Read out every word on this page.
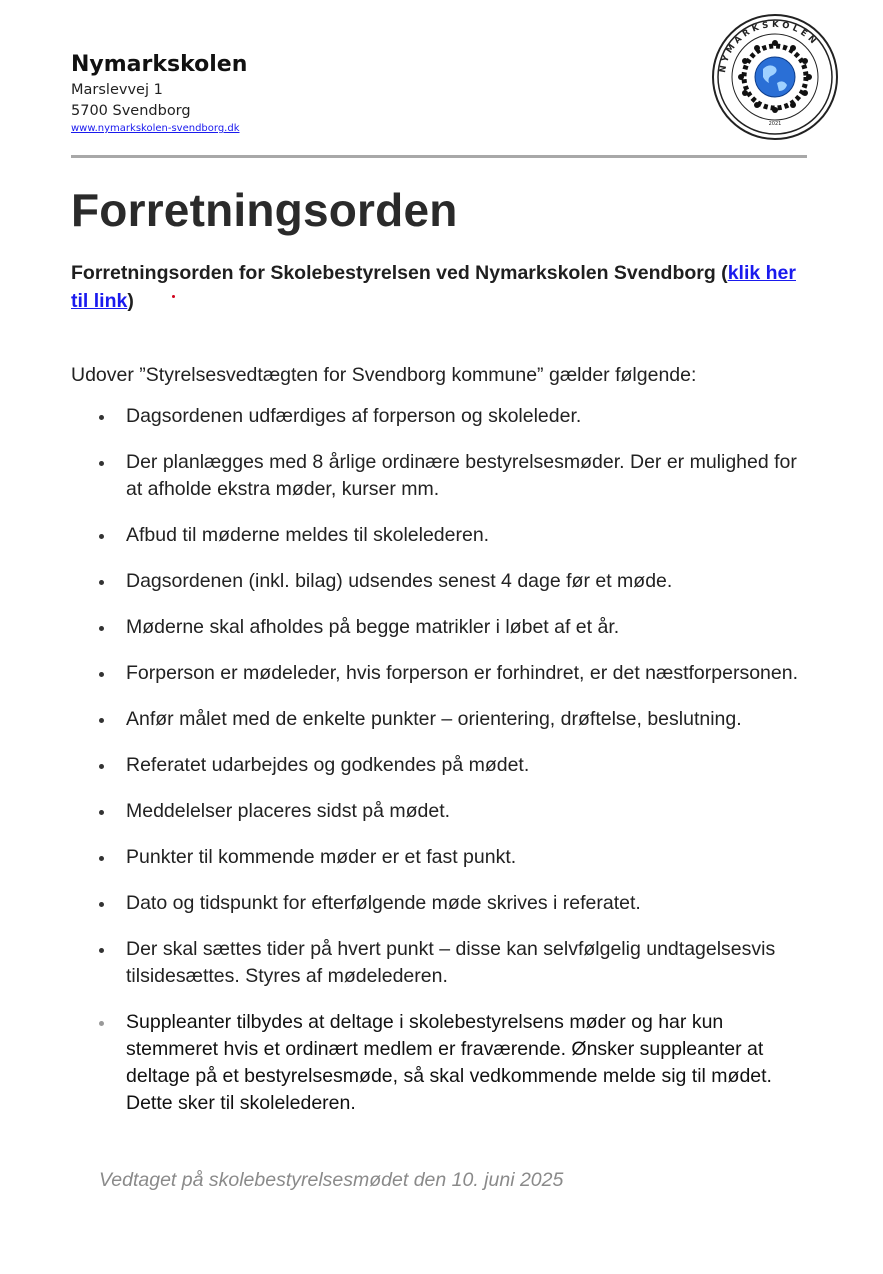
Nymarkskolen

Marslevvej 1

5700 Svendborg

www.nymarkskolen-svendborg.dk
NYMARKSKOLEN
2021
Forretningsorden

Forretningsorden for Skolebestyrelsen ved Nymarkskolen Svendborg (klik her til link)

Udover ”Styrelsesvedtægten for Svendborg kommune” gælder følgende:

Dagsordenen udfærdiges af forperson og skoleleder.
Der planlægges med 8 årlige ordinære bestyrelsesmøder. Der er mulighed for at afholde ekstra møder, kurser mm.
Afbud til møderne meldes til skolelederen.
Dagsordenen (inkl. bilag) udsendes senest 4 dage før et møde.
Møderne skal afholdes på begge matrikler i løbet af et år.
Forperson er mødeleder, hvis forperson er forhindret, er det næstforpersonen.
Anfør målet med de enkelte punkter – orientering, drøftelse, beslutning.
Referatet udarbejdes og godkendes på mødet.
Meddelelser placeres sidst på mødet.
Punkter til kommende møder er et fast punkt.
Dato og tidspunkt for efterfølgende møde skrives i referatet.
Der skal sættes tider på hvert punkt – disse kan selvfølgelig undtagelsesvis tilsidesættes. Styres af mødelederen.
Suppleanter tilbydes at deltage i skolebestyrelsens møder og har kun stemmeret hvis et ordinært medlem er fraværende. Ønsker suppleanter at deltage på et bestyrelsesmøde, så skal vedkommende melde sig til mødet. Dette sker til skolelederen.

Vedtaget på skolebestyrelsesmødet den 10. juni 2025
